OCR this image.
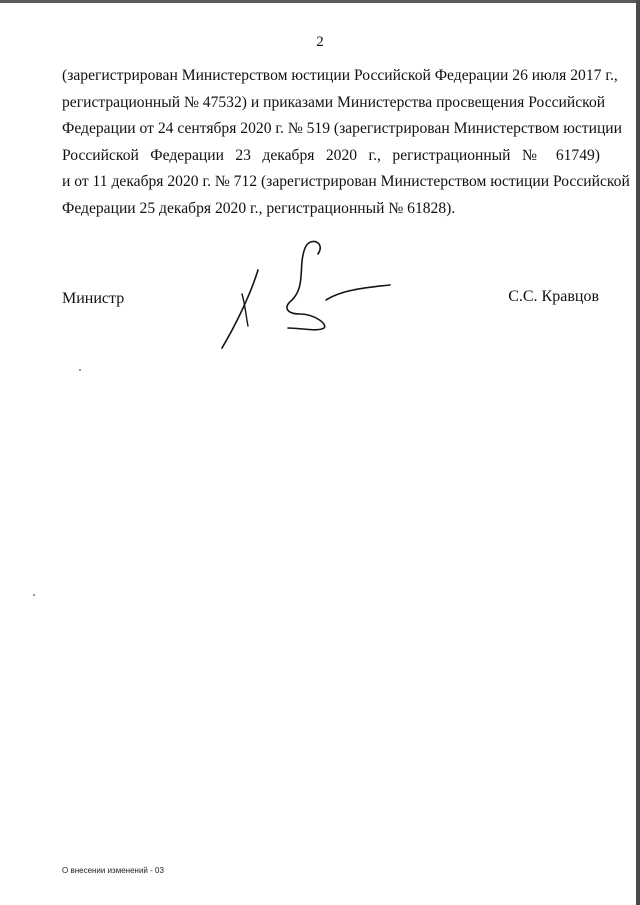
2
(зарегистрирован Министерством юстиции Российской Федерации 26 июля 2017 г.,
регистрационный № 47532) и приказами Министерства просвещения Российской
Федерации от 24 сентября 2020 г. № 519 (зарегистрирован Министерством юстиции
Российской Федерации 23 декабря 2020 г., регистрационный № 61749)
и от 11 декабря 2020 г. № 712 (зарегистрирован Министерством юстиции Российской
Федерации 25 декабря 2020 г., регистрационный № 61828).
Министр	С.С. Кравцов
О внесении изменений - 03
